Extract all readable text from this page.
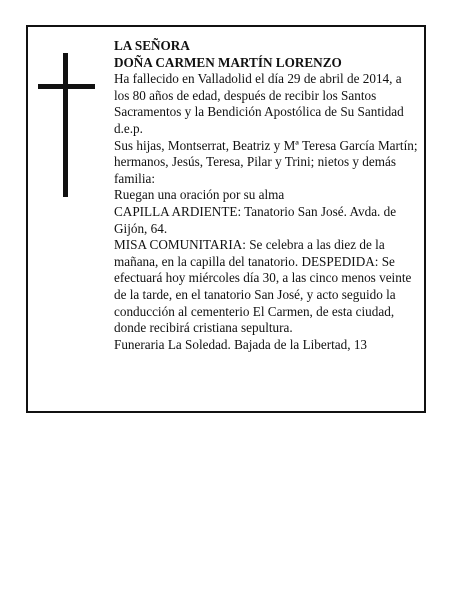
LA SEÑORA

DOÑA CARMEN MARTÍN LORENZO

Ha fallecido en Valladolid el día 29 de abril de 2014, a los 80 años de edad, después de recibir los Santos Sacramentos y la Bendición Apostólica de Su Santidad d.e.p.

Sus hijas, Montserrat, Beatriz y Mª Teresa García Martín; hermanos, Jesús, Teresa, Pilar y Trini; nietos y demás familia:

Ruegan una oración por su alma

CAPILLA ARDIENTE: Tanatorio San José. Avda. de Gijón, 64.

MISA COMUNITARIA: Se celebra a las diez de la mañana, en la capilla del tanatorio. DESPEDIDA: Se efectuará hoy miércoles día 30, a las cinco menos veinte de la tarde, en el tanatorio San José, y acto seguido la conducción al cementerio El Carmen, de esta ciudad, donde recibirá cristiana sepultura.

Funeraria La Soledad. Bajada de la Libertad, 13
